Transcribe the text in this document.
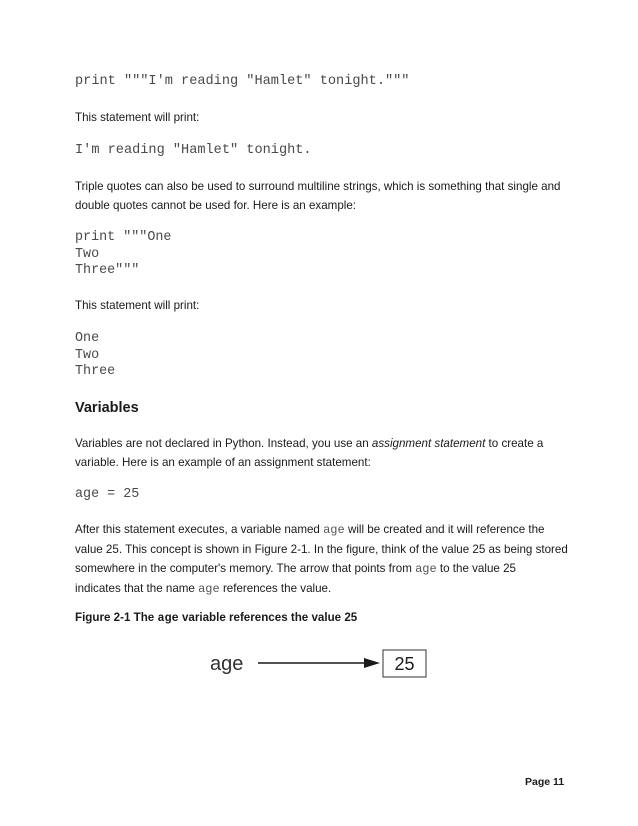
print """I'm reading "Hamlet" tonight."""
This statement will print:
I'm reading "Hamlet" tonight.
Triple quotes can also be used to surround multiline strings, which is something that single and
double quotes cannot be used for. Here is an example:
print """One
Two
Three"""
This statement will print:
One
Two
Three
Variables
Variables are not declared in Python. Instead, you use an assignment statement to create a
variable. Here is an example of an assignment statement:
age = 25
After this statement executes, a variable named age will be created and it will reference the
value 25. This concept is shown in Figure 2-1. In the figure, think of the value 25 as being stored
somewhere in the computer's memory. The arrow that points from age to the value 25
indicates that the name age references the value.
Figure 2-1 The age variable references the value 25
age	25
Page 11
